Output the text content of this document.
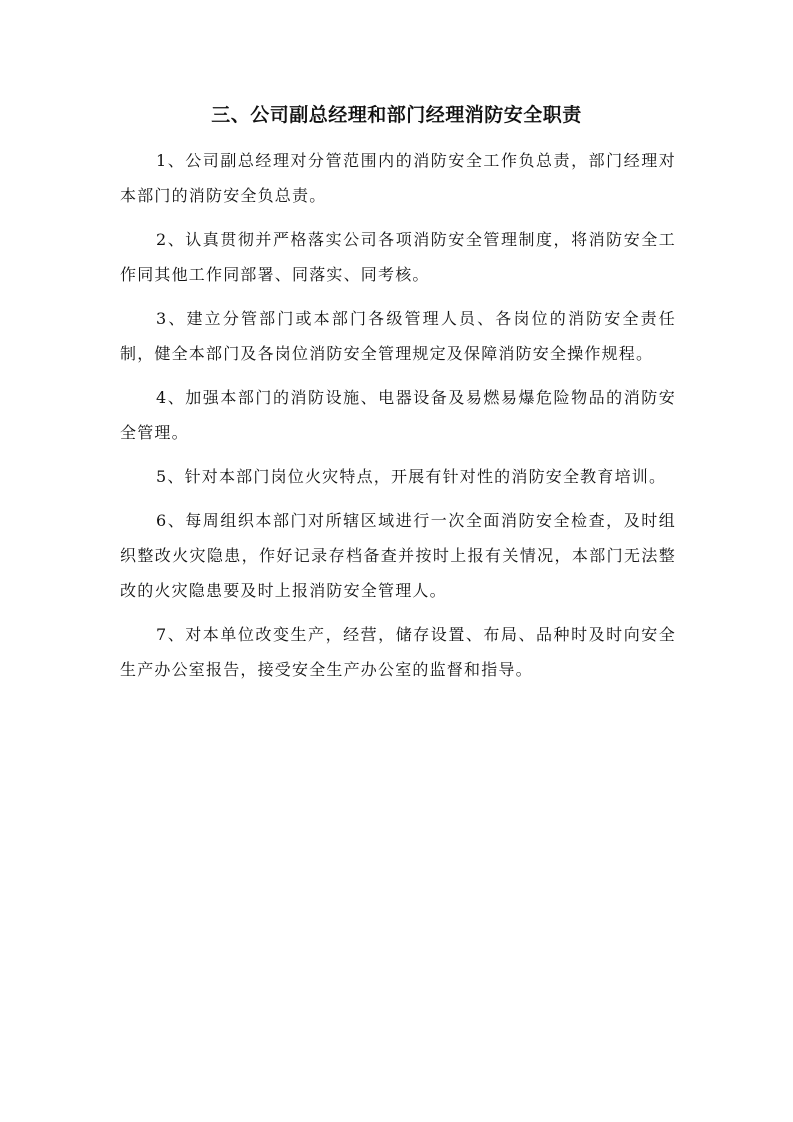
三、公司副总经理和部门经理消防安全职责

1、公司副总经理对分管范围内的消防安全工作负总责，部门经理对本部门的消防安全负总责。

2、认真贯彻并严格落实公司各项消防安全管理制度，将消防安全工作同其他工作同部署、同落实、同考核。

3、建立分管部门或本部门各级管理人员、各岗位的消防安全责任制，健全本部门及各岗位消防安全管理规定及保障消防安全操作规程。

4、加强本部门的消防设施、电器设备及易燃易爆危险物品的消防安全管理。

5、针对本部门岗位火灾特点，开展有针对性的消防安全教育培训。

6、每周组织本部门对所辖区域进行一次全面消防安全检查，及时组织整改火灾隐患，作好记录存档备查并按时上报有关情况，本部门无法整改的火灾隐患要及时上报消防安全管理人。

7、对本单位改变生产，经营，储存设置、布局、品种时及时向安全生产办公室报告，接受安全生产办公室的监督和指导。
